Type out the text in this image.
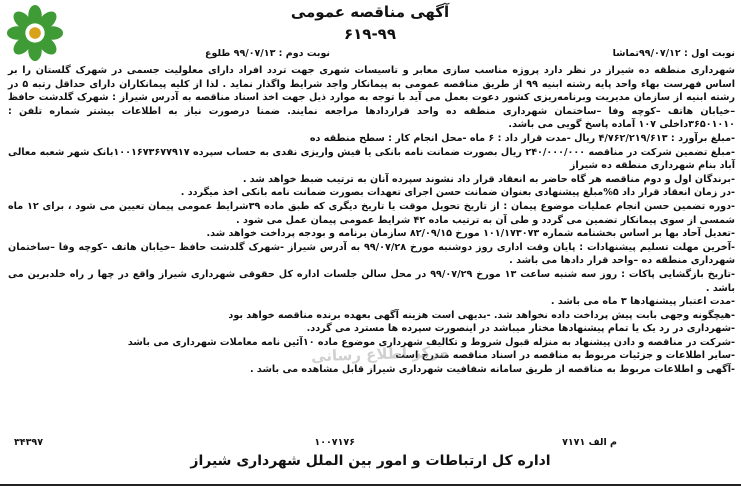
آگهی مناقصه عمومی
۶۱۹-۹۹
نوبت اول : ۹۹/۰۷/۱۲تماشا
نوبت دوم : ۹۹/۰۷/۱۳ طلوع

شهرداری منطقه ده شیراز در نظر دارد پروژه مناسب سازی معابر و تاسیسات شهری جهت تردد افراد دارای معلولیت جسمی در شهرک گلستان را بر اساس فهرست بهاء واحد پایه رشته ابنیه ۹۹ از طریق مناقصه عمومی به پیمانکار واجد شرایط واگذار نماید . لذا از کلیه پیمانکاران دارای حداقل رتبه ۵ در رشته ابنیه از سازمان مدیریت وبرنامه‌ریزی کشور دعوت بعمل می آید با توجه به موارد ذیل جهت اخذ اسناد مناقصه به آدرس شیراز : شهرک گلدشت حافظ –خیابان هاتف –کوچه وفا –ساختمان شهرداری منطقه ده واحد قراردادها مراجعه نمایند. ضمنا درصورت نیاز به اطلاعات بیشتر شماره تلفن : ۳۶۵۰۱۰۱۰داخلی ۱۰۷ آماده پاسخ گویی می باشد.

-مبلغ برآورد : ۴/۷۶۲/۲۱۹/۶۱۳ ریال -مدت قرار داد : ۶ ماه -محل انجام کار : سطح منطقه ده

-مبلغ تضمین شرکت در مناقصه ۲۴۰/۰۰۰/۰۰۰ ریال بصورت ضمانت نامه بانکی یا فیش واریزی نقدی به حساب سپرده ۱۰۰۱۶۷۳۶۷۷۹۱۷بانک شهر شعبه معالی آباد بنام شهرداری منطقه ده شیراز

-برندگان اول و دوم مناقصه هر گاه حاضر به انعقاد قرار داد نشوند سپرده آنان به ترتیب ضبط خواهد شد .

-در زمان انعقاد قرار داد ۵%مبلغ پیشنهادی بعنوان ضمانت حسن اجرای تعهدات بصورت ضمانت نامه بانکی اخذ میگردد .

-دوره تضمین حسن انجام عملیات موضوع پیمان : از تاریخ تحویل موقت یا تاریخ دیگری که طبق ماده ۳۹شرایط عمومی پیمان تعیین می شود ، برای ۱۲ ماه شمسی از سوی پیمانکار تضمین می گردد و طی آن به ترتیب ماده ۴۲ شرایط عمومی پیمان عمل می شود .

-تعدیل آحاد بها بر اساس بخشنامه شماره ۱۰۱/۱۷۳۰۷۳ مورخ ۸۲/۰۹/۱۵ سازمان برنامه و بودجه پرداخت خواهد شد.

-آخرین مهلت تسلیم پیشنهادات : پایان وقت اداری روز دوشنبه مورخ ۹۹/۰۷/۲۸ به آدرس شیراز -شهرک گلدشت حافظ –خیابان هاتف –کوچه وفا –ساختمان شهرداری منطقه ده –واحد قرار دادها می باشد .

-تاریخ بازگشایی پاکات : روز سه شنبه ساعت ۱۳ مورخ ۹۹/۰۷/۲۹ در محل سالن جلسات اداره کل حقوقی شهرداری شیراز واقع در چها ر راه خلدبرین می باشد .

-مدت اعتبار پیشنهادها ۳ ماه می باشد .

-هیچگونه وجهی بابت پیش پرداخت داده نخواهد شد. -بدیهی است هزینه آگهی بعهده برنده مناقصه خواهد بود

-شهرداری در رد یک یا تمام پیشنهادها مختار میباشد در اینصورت سپرده ها مسترد می گردد.

-شرکت در مناقصه و دادن پیشنهاد به منزله قبول شروط و تکالیف شهرداری موضوع ماده ۱۰آئین نامه معاملات شهرداری می باشد

-سایر اطلاعات و جزئیات مربوط به مناقصه در اسناد مناقصه مندرج است

-آگهی و اطلاعات مربوط به مناقصه از طریق سامانه شفافیت شهرداری شیراز قابل مشاهده می باشد .

مرکز اطلاع رسانی
م الف ۷۱۷۱
۱۰۰۷۱۷۶
۳۴۳۹۷
اداره کل ارتباطات و امور بین الملل شهرداری شیراز
